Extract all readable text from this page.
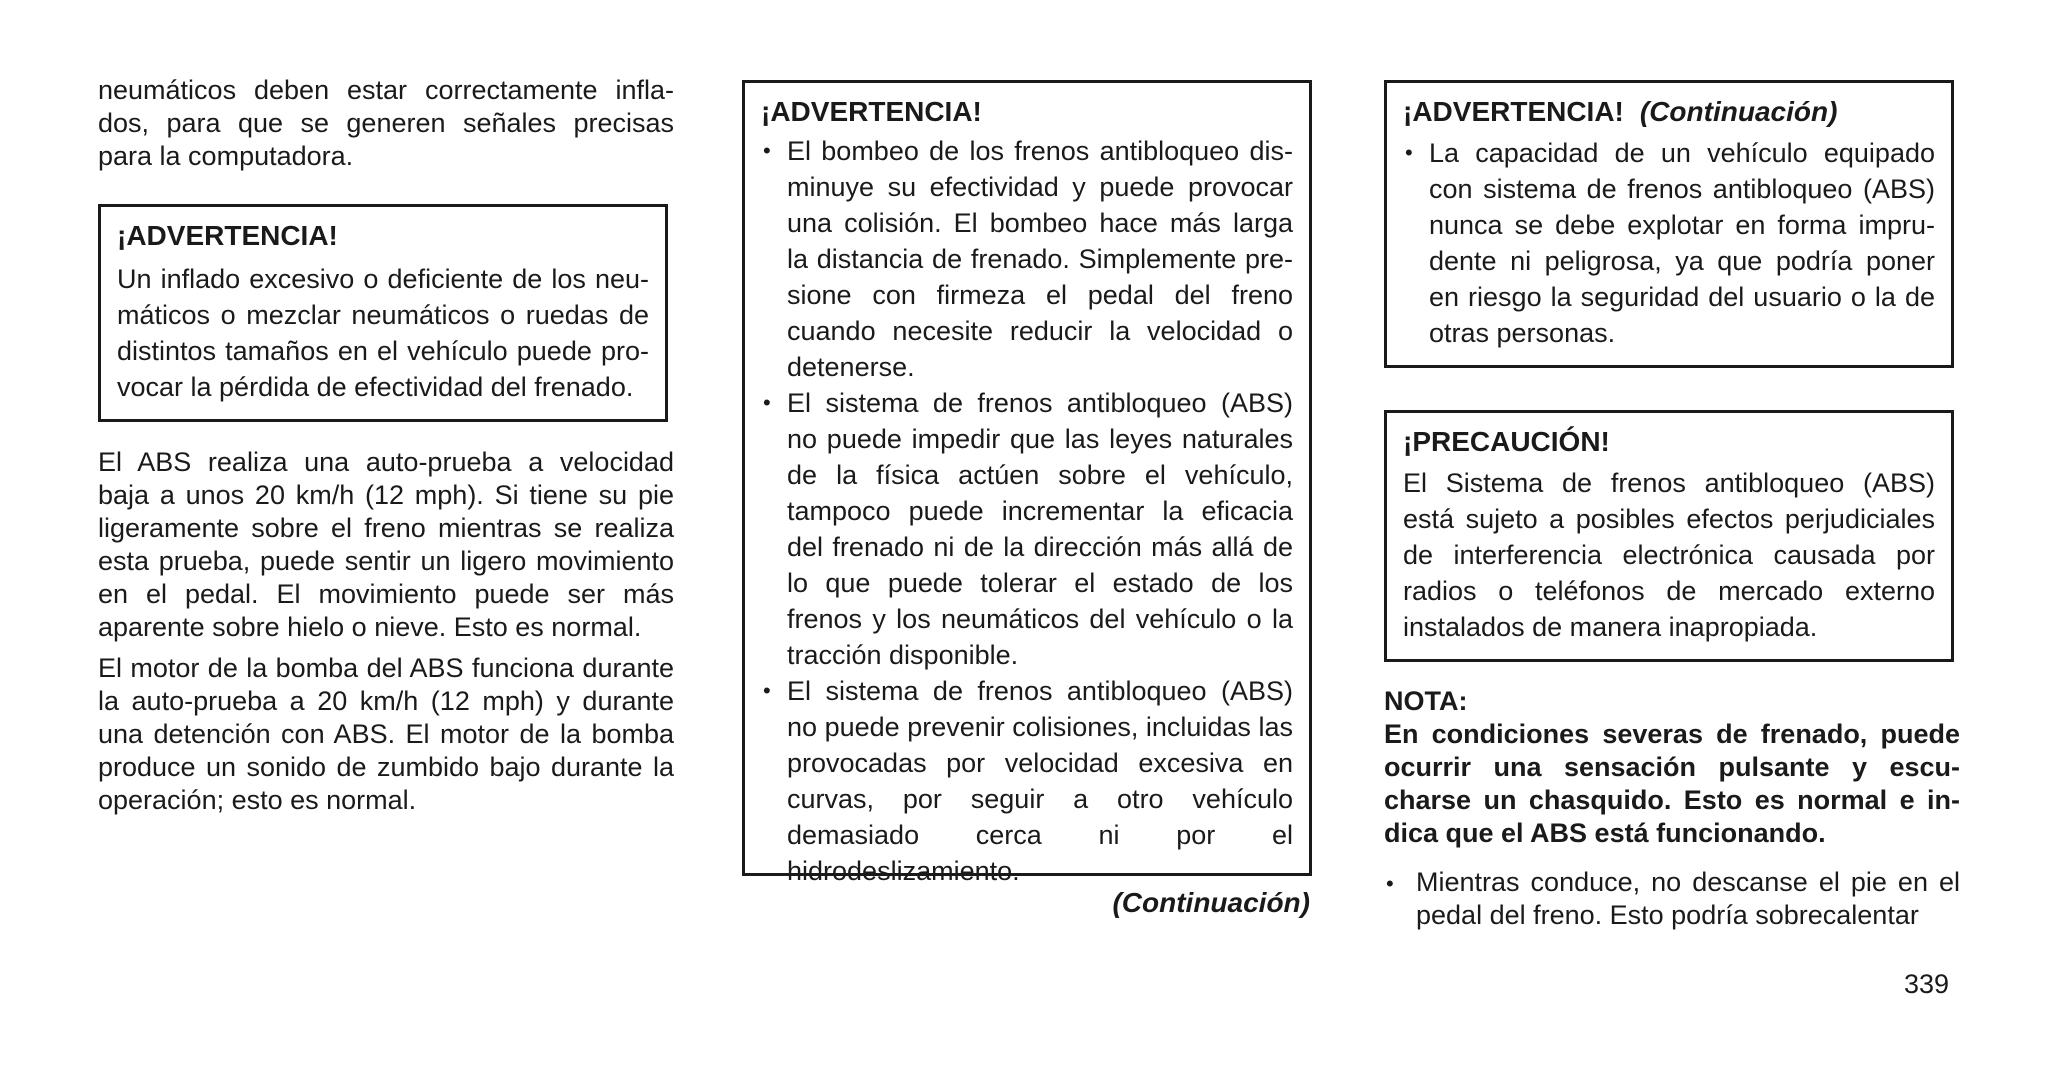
neumáticos deben estar correctamente inflados, para que se generen señales precisas para la computadora.

¡ADVERTENCIA!

Un inflado excesivo o deficiente de los neumáticos o mezclar neumáticos o ruedas de distintos tamaños en el vehículo puede provocar la pérdida de efectividad del frenado.

El ABS realiza una auto-prueba a velocidad baja a unos 20 km/h (12 mph). Si tiene su pie ligeramente sobre el freno mientras se realiza esta prueba, puede sentir un ligero movimiento en el pedal. El movimiento puede ser más aparente sobre hielo o nieve. Esto es normal.

El motor de la bomba del ABS funciona durante la auto-prueba a 20 km/h (12 mph) y durante una detención con ABS. El motor de la bomba produce un sonido de zumbido bajo durante la operación; esto es normal.

¡ADVERTENCIA!

• El bombeo de los frenos antibloqueo disminuye su efectividad y puede provocar una colisión. El bombeo hace más larga la distancia de frenado. Simplemente presione con firmeza el pedal del freno cuando necesite reducir la velocidad o detenerse.
• El sistema de frenos antibloqueo (ABS) no puede impedir que las leyes naturales de la física actúen sobre el vehículo, tampoco puede incrementar la eficacia del frenado ni de la dirección más allá de lo que puede tolerar el estado de los frenos y los neumáticos del vehículo o la tracción disponible.
• El sistema de frenos antibloqueo (ABS) no puede prevenir colisiones, incluidas las provocadas por velocidad excesiva en curvas, por seguir a otro vehículo demasiado cerca ni por el hidrodeslizamiento.
(Continuación)

¡ADVERTENCIA! (Continuación)

• La capacidad de un vehículo equipado con sistema de frenos antibloqueo (ABS) nunca se debe explotar en forma imprudente ni peligrosa, ya que podría poner en riesgo la seguridad del usuario o la de otras personas.

¡PRECAUCIÓN!

El Sistema de frenos antibloqueo (ABS) está sujeto a posibles efectos perjudiciales de interferencia electrónica causada por radios o teléfonos de mercado externo instalados de manera inapropiada.

NOTA:
En condiciones severas de frenado, puede ocurrir una sensación pulsante y escucharse un chasquido. Esto es normal e indica que el ABS está funcionando.
• Mientras conduce, no descanse el pie en el pedal del freno. Esto podría sobrecalentar
339
